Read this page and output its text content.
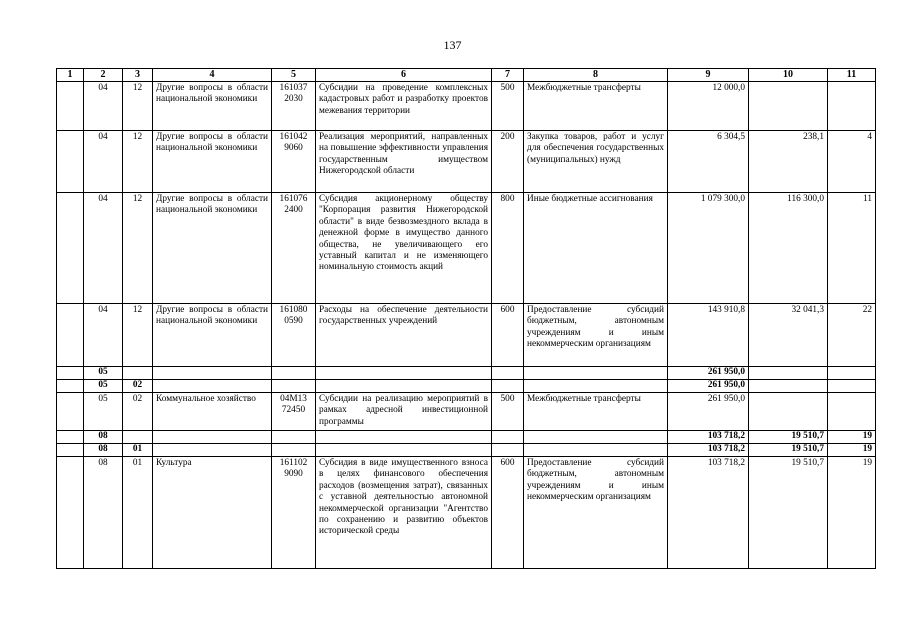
137
1	2	3	4	5	6	7	8	9	10	11
	04	12	Другие вопросы в области национальной экономики	161037 2030	Субсидии на проведение комплексных кадастровых работ и разработку проектов межевания территории	500	Межбюджетные трансферты	12 000,0		
	04	12	Другие вопросы в области национальной экономики	161042 9060	Реализация мероприятий, направленных на повышение эффективности управления государственным имуществом Нижегородской области	200	Закупка товаров, работ и услуг для обеспечения государственных (муниципальных) нужд	6 304,5	238,1	4
	04	12	Другие вопросы в области национальной экономики	161076 2400	Субсидия акционерному обществу "Корпорация развития Нижегородской области" в виде безвозмездного вклада в денежной форме в имущество данного общества, не увеличивающего его уставный капитал и не изменяющего номинальную стоимость акций	800	Иные бюджетные ассигнования	1 079 300,0	116 300,0	11
	04	12	Другие вопросы в области национальной экономики	161080 0590	Расходы на обеспечение деятельности государственных учреждений	600	Предоставление субсидий бюджетным, автономным учреждениям и иным некоммерческим организациям	143 910,8	32 041,3	22
	05							261 950,0		
	05	02						261 950,0		
	05	02	Коммунальное хозяйство	04М13 72450	Субсидии на реализацию мероприятий в рамках адресной инвестиционной программы	500	Межбюджетные трансферты	261 950,0		
	08							103 718,2	19 510,7	19
	08	01						103 718,2	19 510,7	19
	08	01	Культура	161102 9090	Субсидия в виде имущественного взноса в целях финансового обеспечения расходов (возмещения затрат), связанных с уставной деятельностью автономной некоммерческой организации "Агентство по сохранению и развитию объектов исторической среды	600	Предоставление субсидий бюджетным, автономным учреждениям и иным некоммерческим организациям	103 718,2	19 510,7	19
